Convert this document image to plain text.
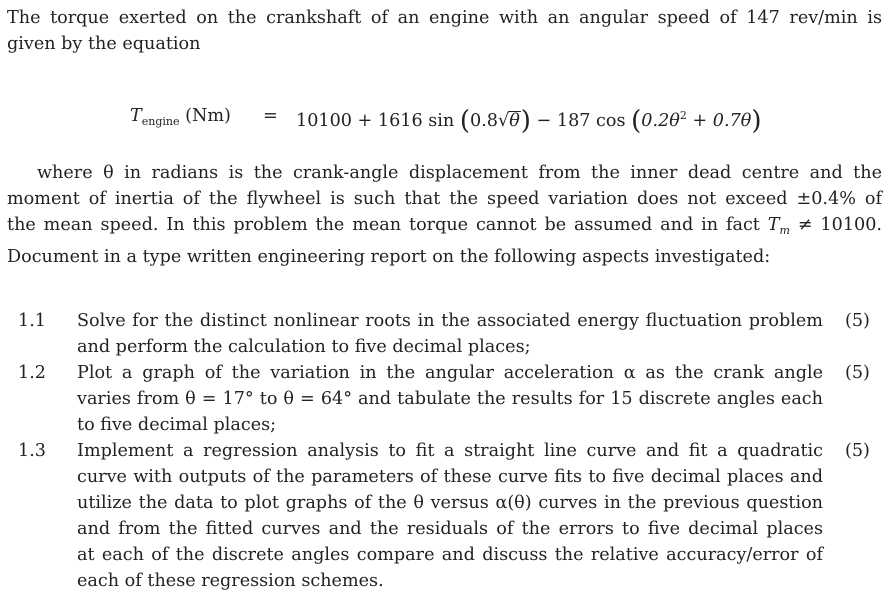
The torque exerted on the crankshaft of an engine with an angular speed of 147 rev/min is
given by the equation

$T_{engine}$ (Nm) = 10100 + 1616 sin (0.8√θ) − 187 $\cos (0.2\theta^2 + 0.7\theta)$

where θ in radians is the crank-angle displacement from the inner dead centre and the
moment of inertia of the flywheel is such that the speed variation does not exceed ±0.4% of
the mean speed. In this problem the mean torque cannot be assumed and in fact $T_m \ne 10100$.
Document in a type written engineering report on the following aspects investigated:

1.1 Solve for the distinct nonlinear roots in the associated energy fluctuation problem
and perform the calculation to five decimal places;
(5)
1.2 Plot a graph of the variation in the angular acceleration α as the crank angle
varies from θ = 17° to θ = 64° and tabulate the results for 15 discrete angles each
to five decimal places;
(5)
1.3 Implement a regression analysis to fit a straight line curve and fit a quadratic
curve with outputs of the parameters of these curve fits to five decimal places and
utilize the data to plot graphs of the θ versus α(θ) curves in the previous question
and from the fitted curves and the residuals of the errors to five decimal places
at each of the discrete angles compare and discuss the relative accuracy/error of
each of these regression schemes.
(5)
